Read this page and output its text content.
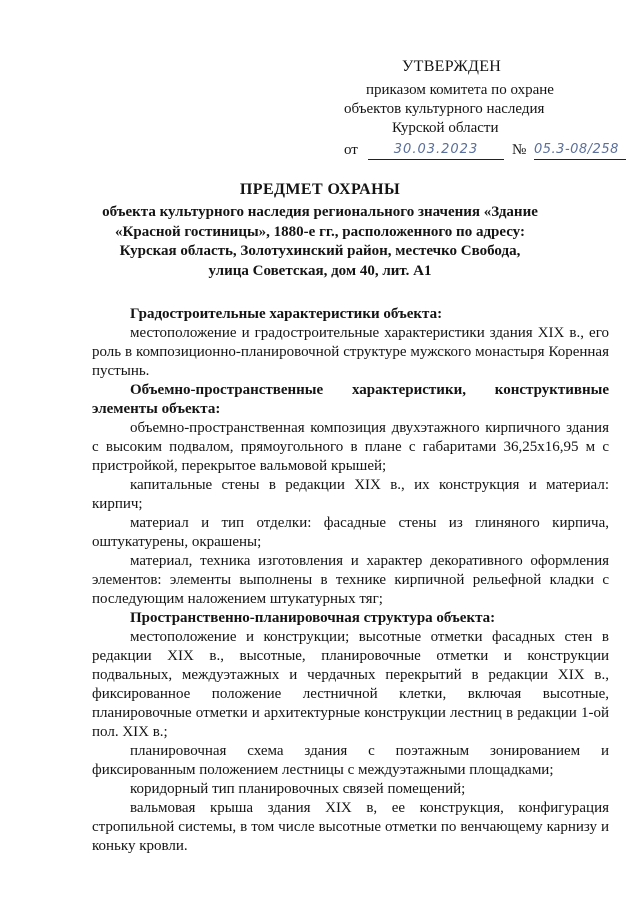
УТВЕРЖДЕН
приказом комитета по охране
объектов культурного наследия
Курской области
от	30.03.2023	№ 05.3-08/258
ПРЕДМЕТ ОХРАНЫ
объекта культурного наследия регионального значения «Здание
«Красной гостиницы», 1880-е гг., расположенного по адресу:
Курская область, Золотухинский район, местечко Свобода,
улица Советская, дом 40, лит. А1

Градостроительные характеристики объекта:

местоположение и градостроительные характеристики здания XIX в., его роль в композиционно-планировочной структуре мужского монастыря Коренная пустынь.

Объемно-пространственные характеристики, конструктивные элементы объекта:

объемно-пространственная композиция двухэтажного кирпичного здания с высоким подвалом, прямоугольного в плане с габаритами 36,25х16,95 м с пристройкой, перекрытое вальмовой крышей;

капитальные стены в редакции XIX в., их конструкция и материал: кирпич;

материал и тип отделки: фасадные стены из глиняного кирпича, оштукатурены, окрашены;

материал, техника изготовления и характер декоративного оформления элементов: элементы выполнены в технике кирпичной рельефной кладки с последующим наложением штукатурных тяг;

Пространственно-планировочная структура объекта:

местоположение и конструкции; высотные отметки фасадных стен в редакции XIX в., высотные, планировочные отметки и конструкции подвальных, междуэтажных и чердачных перекрытий в редакции XIX в., фиксированное положение лестничной клетки, включая высотные, планировочные отметки и архитектурные конструкции лестниц в редакции 1-ой пол. XIX в.;

планировочная схема здания с поэтажным зонированием и фиксированным положением лестницы с междуэтажными площадками;

коридорный тип планировочных связей помещений;

вальмовая крыша здания XIX в, ее конструкция, конфигурация стропильной системы, в том числе высотные отметки по венчающему карнизу и коньку кровли.
